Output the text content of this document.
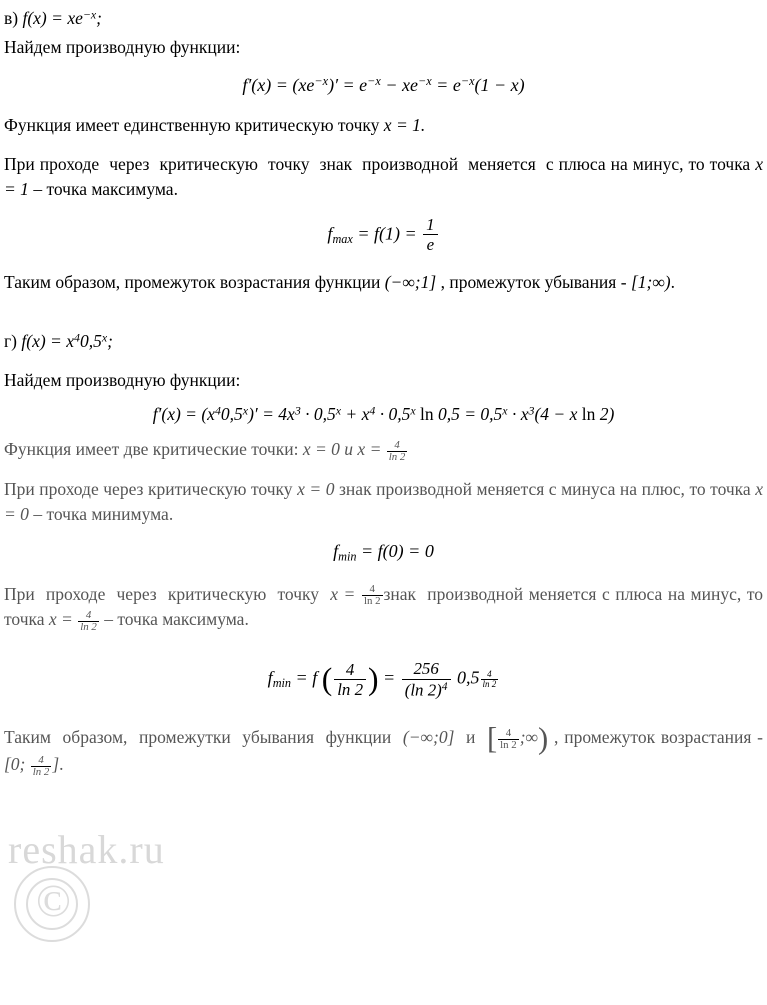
reshak.ru
©

в) $f(x) = xe^{-x}$;

Найдем производную функции:

$f'(x) = (xe^{-x})' = e^{-x} - xe^{-x} = e^{-x}(1 - x)$

Функция имеет единственную критическую точку x = 1.

При проходе  через  критическую  точку  знак  производной  меняется  с плюса на минус, то точка x = 1 – точка максимума.

$f_{max} = f(1) = \frac{1}{e}$

Таким образом, промежуток возрастания функции (−∞;1] , промежуток убывания - [1;∞).

г) $f(x) = x^40,5^x$;

Найдем производную функции:

$f'(x) = (x^40,5^x)' = 4x^3 \cdot 0,5^x + x^4 \cdot 0,5^x$ $\ln 0,5 = 0,5^x \cdot x^3(4 - x$ ln 2)

Функция имеет две критические точки: x = 0 и $x = \frac{4}{\ln 2}$

При проходе через критическую точку x = 0 знак производной меняется с минуса на плюс, то точка x = 0 – точка минимума.

$f_{min} = f(0) = 0$

При  проходе  через  критическую  точку  $x = \frac{4}{\ln 2}$ знак  производной меняется с плюса на минус, то точка $x = \frac{4}{\ln 2}$ – точка максимума.

$f_{min} = f$ ( $\frac{4}{\ln 2}$ ) = $\frac{256}{(\ln 2)^4} 0,5 \frac{4}{\ln 2}$

Таким  образом,  промежутки  убывания  функции  (−∞;0]  и  [ $\frac{4}{\ln 2}$ ;∞) , промежуток возрастания - [0; $\frac{4}{\ln 2}$ ].
